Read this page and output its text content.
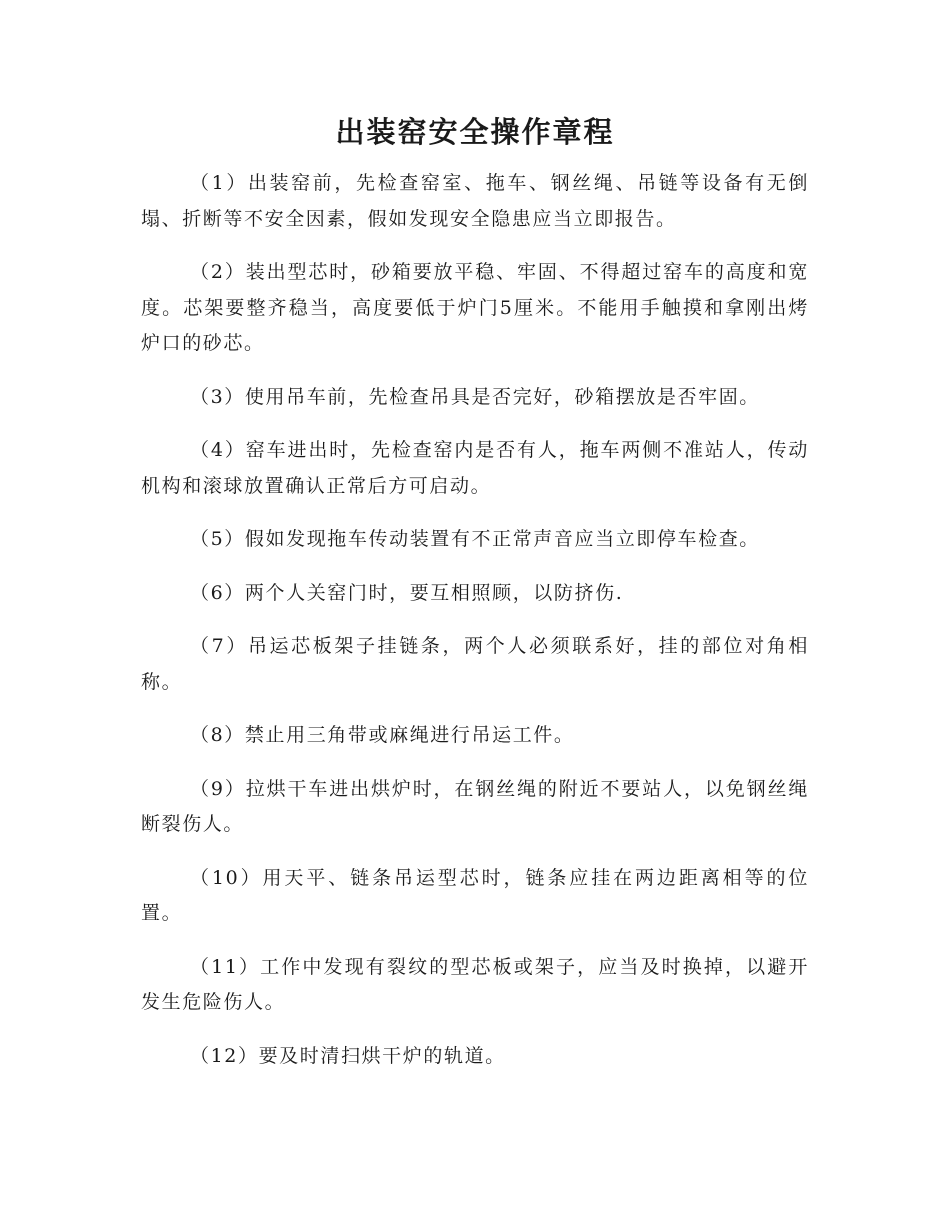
出装窑安全操作章程

（1）出装窑前，先检查窑室、拖车、钢丝绳、吊链等设备有无倒塌、折断等不安全因素，假如发现安全隐患应当立即报告。

（2）装出型芯时，砂箱要放平稳、牢固、不得超过窑车的高度和宽度。芯架要整齐稳当，高度要低于炉门5厘米。不能用手触摸和拿刚出烤炉口的砂芯。

（3）使用吊车前，先检查吊具是否完好，砂箱摆放是否牢固。

（4）窑车进出时，先检查窑内是否有人，拖车两侧不准站人，传动机构和滚球放置确认正常后方可启动。

（5）假如发现拖车传动装置有不正常声音应当立即停车检查。

（6）两个人关窑门时，要互相照顾，以防挤伤.

（7）吊运芯板架子挂链条，两个人必须联系好，挂的部位对角相称。

（8）禁止用三角带或麻绳进行吊运工件。

（9）拉烘干车进出烘炉时，在钢丝绳的附近不要站人，以免钢丝绳断裂伤人。

（10）用天平、链条吊运型芯时，链条应挂在两边距离相等的位置。

（11）工作中发现有裂纹的型芯板或架子，应当及时换掉，以避开发生危险伤人。

（12）要及时清扫烘干炉的轨道。
